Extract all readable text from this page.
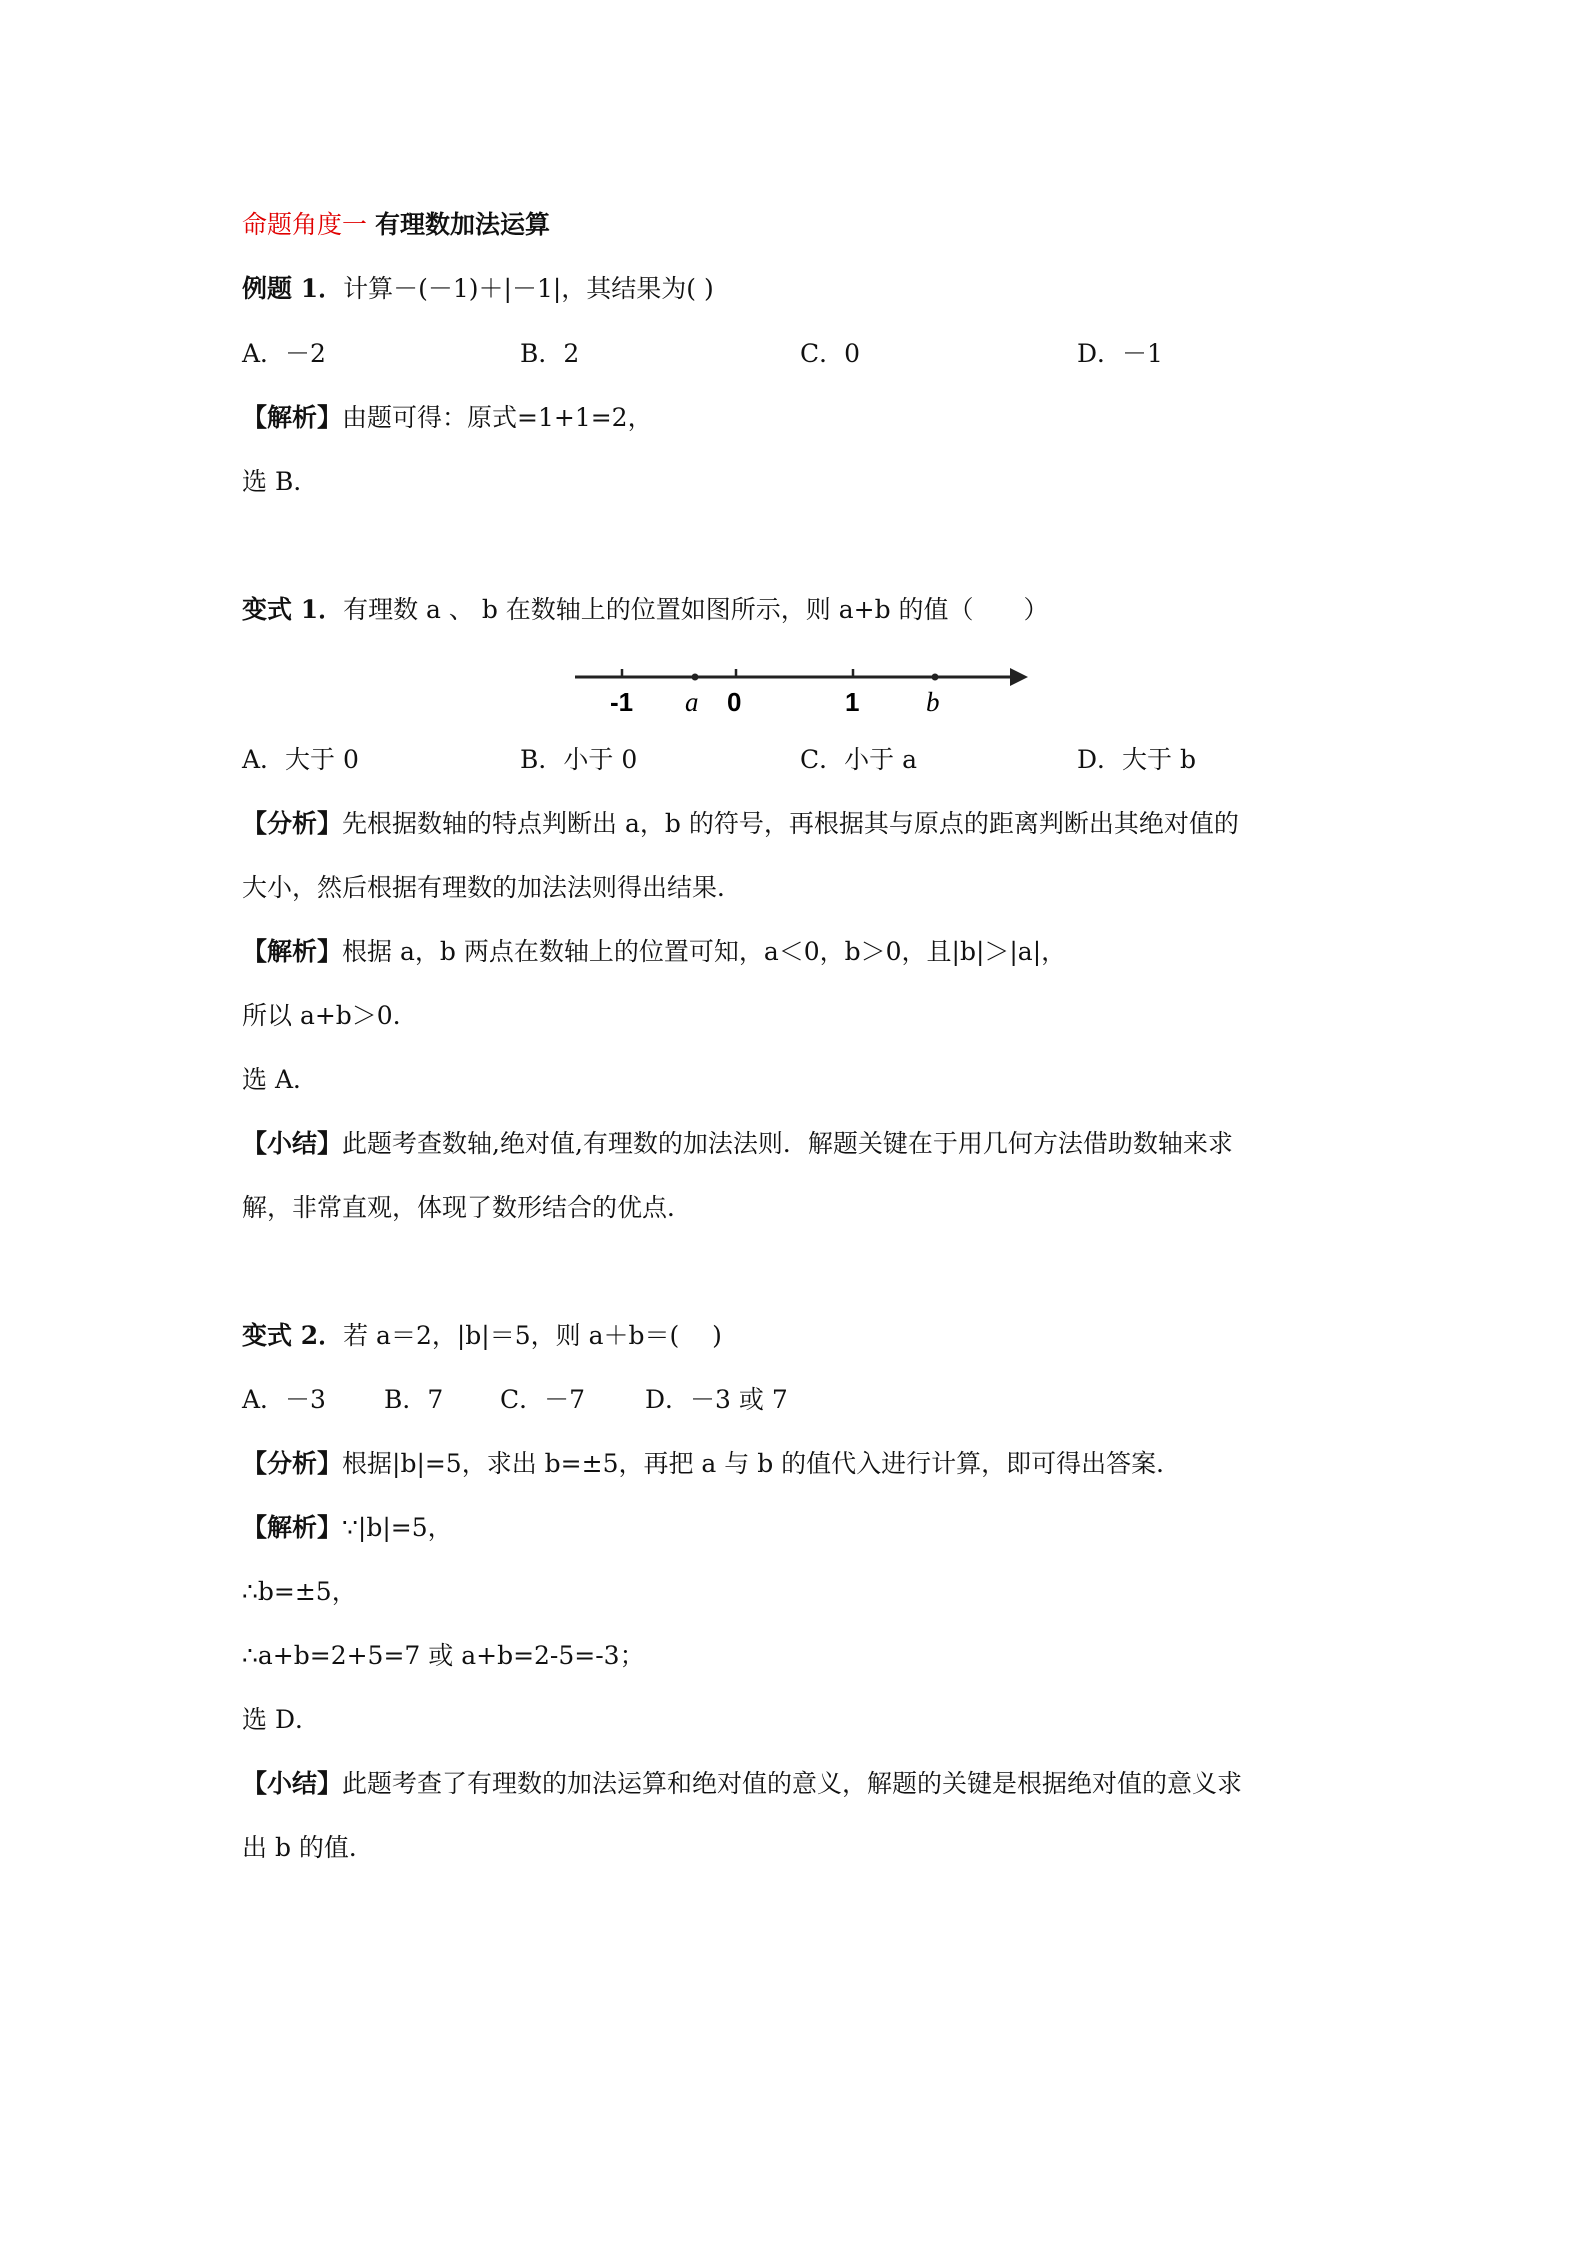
命题角度一 有理数加法运算
例题 1．计算－(－1)＋|－1|，其结果为( )
A．－2	B．2	C．0	D．－1
【解析】由题可得：原式=1+1=2，
选 B．
变式 1．有理数 a 、 b 在数轴上的位置如图所示，则 a+b 的值（　　）
-1 a 0	1 b
A．大于 0	B．小于 0	C．小于 a	D．大于 b
【分析】先根据数轴的特点判断出 a，b 的符号，再根据其与原点的距离判断出其绝对值的
大小，然后根据有理数的加法法则得出结果．
【解析】根据 a，b 两点在数轴上的位置可知，a＜0，b＞0，且|b|＞|a|，
所以 a+b＞0．
选 A．
【小结】此题考查数轴,绝对值,有理数的加法法则．解题关键在于用几何方法借助数轴来求
解，非常直观，体现了数形结合的优点．
变式 2．若 a＝2，|b|＝5，则 a＋b＝(　 )
A．－3 B．7 C．－7 D．－3 或 7
【分析】根据|b|=5，求出 b=±5，再把 a 与 b 的值代入进行计算，即可得出答案．
【解析】∵|b|=5，
∴b=±5，
∴a+b=2+5=7 或 a+b=2-5=-3；
选 D．
【小结】此题考查了有理数的加法运算和绝对值的意义，解题的关键是根据绝对值的意义求
出 b 的值．
